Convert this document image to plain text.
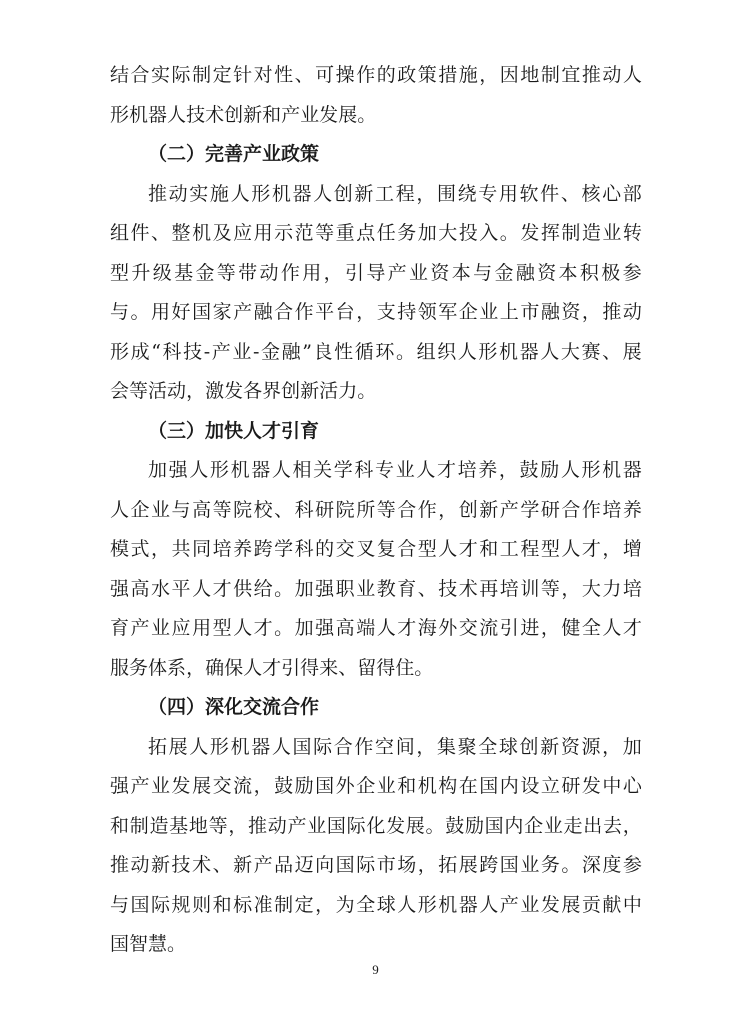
结 合 实 际 制 定 针 对 性 、 可 操 作 的 政 策 措 施 ， 因 地 制 宜 推 动 人
形 机 器 人 技 术 创 新 和 产 业 发 展 。
（二）完善产业政策
推 动 实 施 人 形 机 器 人 创 新 工 程 ， 围 绕 专 用 软 件 、 核 心 部
组 件 、 整 机 及 应 用 示 范 等 重 点 任 务 加 大 投 入 。 发 挥 制 造 业 转
型 升 级 基 金 等 带 动 作 用 ， 引 导 产 业 资 本 与 金 融 资 本 积 极 参
与 。 用 好 国 家 产 融 合 作 平 台 ， 支 持 领 军 企 业 上 市 融 资 ， 推 动
形 成 “ 科 技 - 产 业 - 金 融 ” 良 性 循 环 。 组 织 人 形 机 器 人 大 赛 、 展
会 等 活 动 ， 激 发 各 界 创 新 活 力 。
（三）加快人才引育
加 强 人 形 机 器 人 相 关 学 科 专 业 人 才 培 养 ， 鼓 励 人 形 机 器
人 企 业 与 高 等 院 校 、 科 研 院 所 等 合 作 ， 创 新 产 学 研 合 作 培 养
模 式 ， 共 同 培 养 跨 学 科 的 交 叉 复 合 型 人 才 和 工 程 型 人 才 ， 增
强 高 水 平 人 才 供 给 。 加 强 职 业 教 育 、 技 术 再 培 训 等 ， 大 力 培
育 产 业 应 用 型 人 才 。 加 强 高 端 人 才 海 外 交 流 引 进 ， 健 全 人 才
服 务 体 系 ， 确 保 人 才 引 得 来 、 留 得 住 。
（四）深化交流合作
拓 展 人 形 机 器 人 国 际 合 作 空 间 ， 集 聚 全 球 创 新 资 源 ， 加
强 产 业 发 展 交 流 ， 鼓 励 国 外 企 业 和 机 构 在 国 内 设 立 研 发 中 心
和 制 造 基 地 等 ， 推 动 产 业 国 际 化 发 展 。 鼓 励 国 内 企 业 走 出 去 ，
推 动 新 技 术 、 新 产 品 迈 向 国 际 市 场 ， 拓 展 跨 国 业 务 。 深 度 参
与 国 际 规 则 和 标 准 制 定 ， 为 全 球 人 形 机 器 人 产 业 发 展 贡 献 中
国 智 慧 。
9
